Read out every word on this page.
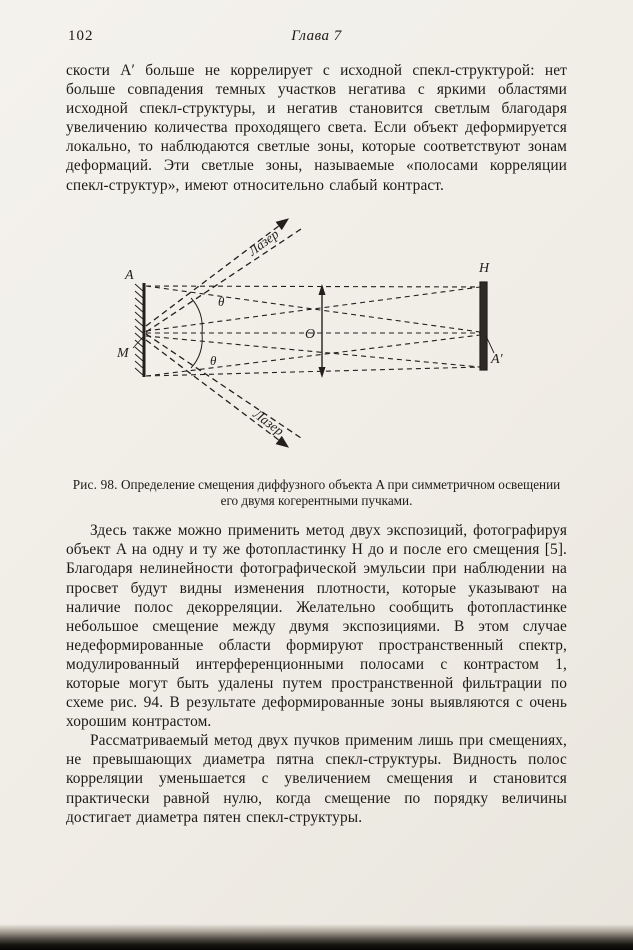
102	Глава 7

скости A′ больше не коррелирует с исходной спекл-структурой: нет больше совпадения темных участков негатива с яркими областями исходной спекл-структуры, и негатив становится светлым благодаря увеличению количества проходящего света. Если объект деформируется локально, то наблюдаются светлые зоны, которые соответствуют зонам деформаций. Эти светлые зоны, называемые «полосами корреляции спекл-структур», имеют относительно слабый контраст.

A
M
Лазер
Лазер
θ
θ
O
H
A′
Рис. 98. Определение смещения диффузного объекта A при симметричном освещении его двумя когерентными пучками.

Здесь также можно применить метод двух экспозиций, фотографируя объект A на одну и ту же фотопластинку H до и после его смещения [5]. Благодаря нелинейности фотографической эмульсии при наблюдении на просвет будут видны изменения плотности, которые указывают на наличие полос декорреляции. Желательно сообщить фотопластинке небольшое смещение между двумя экспозициями. В этом случае недеформированные области формируют пространственный спектр, модулированный интерференционными полосами с контрастом 1, которые могут быть удалены путем пространственной фильтрации по схеме рис. 94. В результате деформированные зоны выявляются с очень хорошим контрастом.

Рассматриваемый метод двух пучков применим лишь при смещениях, не превышающих диаметра пятна спекл-структуры. Видность полос корреляции уменьшается с увеличением смещения и становится практически равной нулю, когда смещение по порядку величины достигает диаметра пятен спекл-структуры.
